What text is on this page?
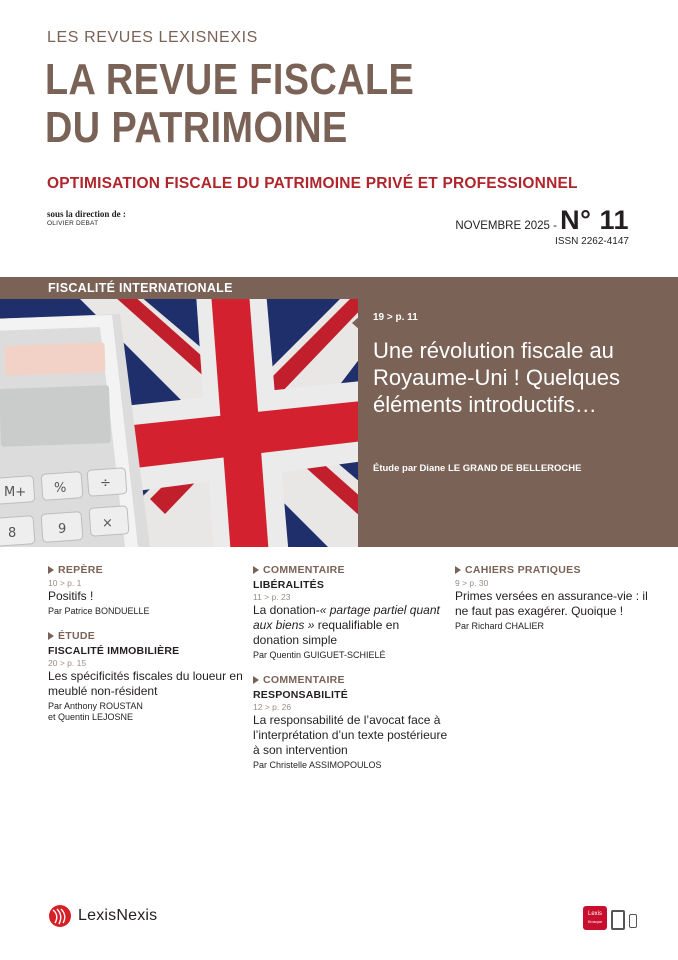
LES REVUES LEXISNEXIS
LA REVUE FISCALE
DU PATRIMOINE
OPTIMISATION FISCALE DU PATRIMOINE PRIVÉ ET PROFESSIONNEL
sous la direction de :
OLIVIER DEBAT	NOVEMBRE 2025 - N° 11
ISSN 2262-4147
FISCALITÉ INTERNATIONALE
M+ %	÷
8	9	×
19 > p. 11
Une révolution fiscale au Royaume-Uni ! Quelques éléments introductifs…
Étude par Diane LE GRAND DE BELLEROCHE
REPÈRE
10 > p. 1
Positifs !
Par Patrice BONDUELLE
ÉTUDE
FISCALITÉ IMMOBILIÈRE
20 > p. 15
Les spécificités fiscales du loueur en meublé non-résident
Par Anthony ROUSTAN
et Quentin LEJOSNE
COMMENTAIRE
LIBÉRALITÉS
11 > p. 23
La donation-« partage partiel quant aux biens » requalifiable en donation simple
Par Quentin GUIGUET-SCHIELÉ
COMMENTAIRE
RESPONSABILITÉ
12 > p. 26
La responsabilité de l’avocat face à l’interprétation d’un texte postérieure à son intervention
Par Christelle ASSIMOPOULOS
CAHIERS PRATIQUES
9 > p. 30
Primes versées en assurance-vie : il ne faut pas exagérer. Quoique !
Par Richard CHALIER
LexisNexis	Lexis
Kiosque
